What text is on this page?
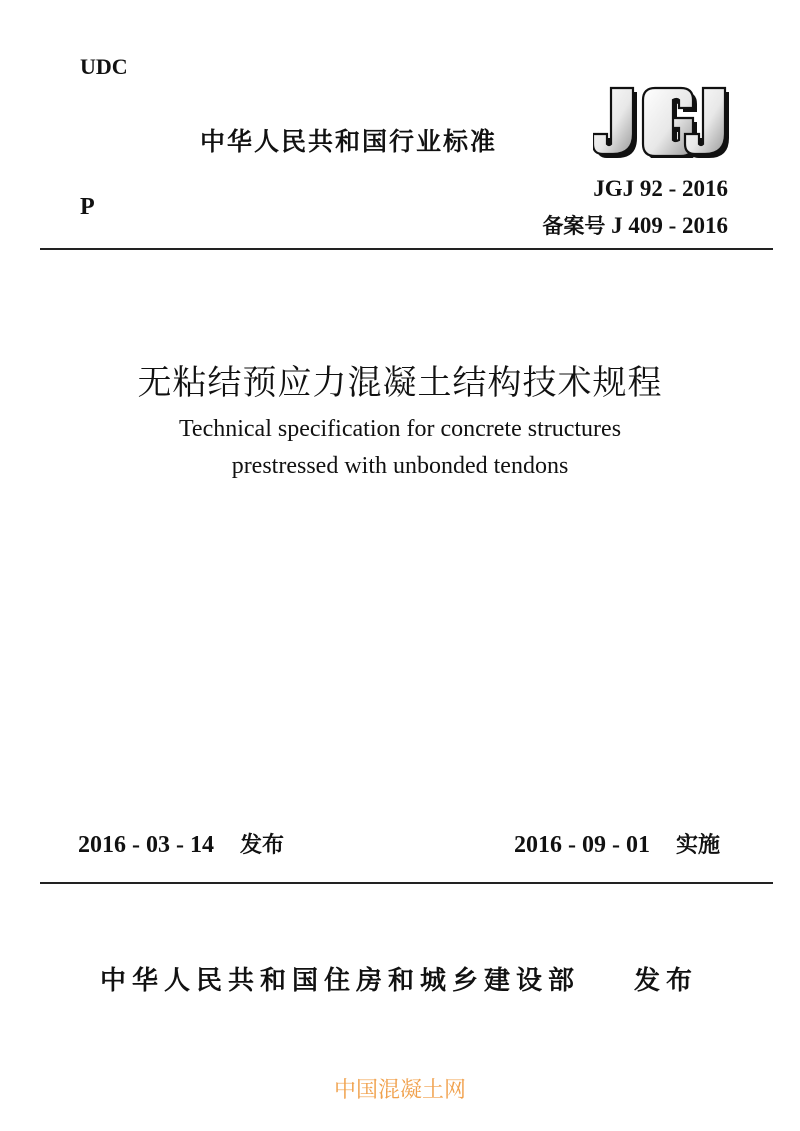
UDC
中华人民共和国行业标准
P
JGJ 92 - 2016
备案号 J 409 - 2016
无粘结预应力混凝土结构技术规程
Technical specification for concrete structures
prestressed with unbonded tendons
2016 - 03 - 14 发布	2016 - 09 - 01 实施
中华人民共和国住房和城乡建设部 发布
中国混凝土网
